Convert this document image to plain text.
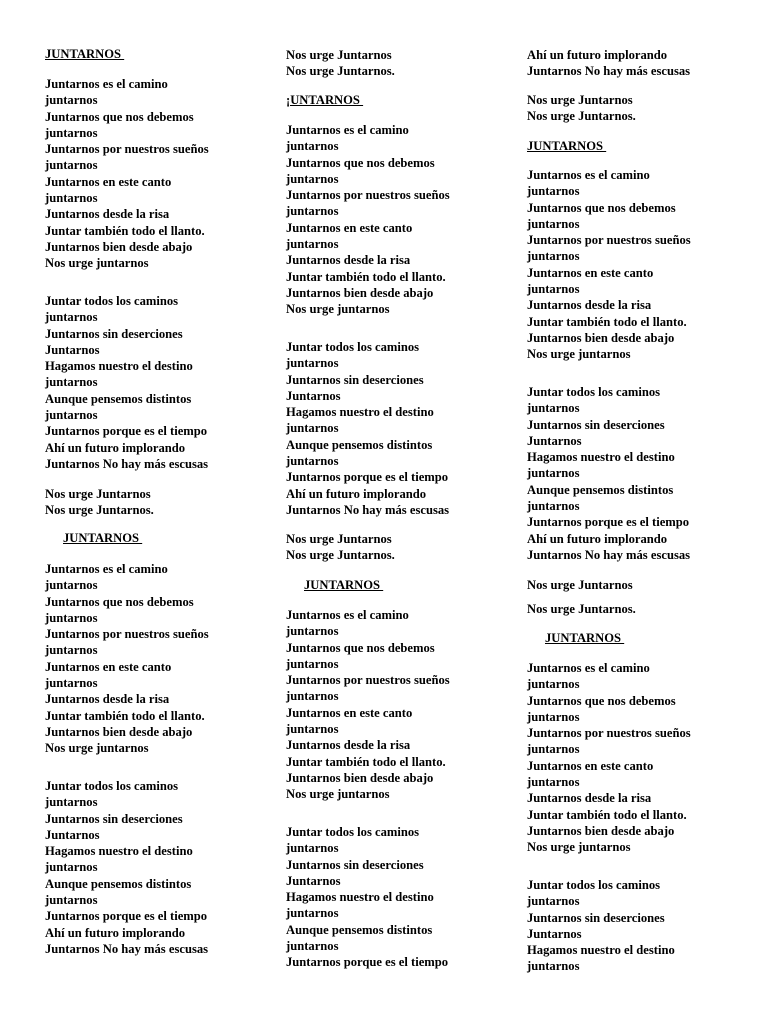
JUNTARNOS
Juntarnos es el camino
juntarnos
Juntarnos que nos debemos
juntarnos
Juntarnos por nuestros sueños
juntarnos
Juntarnos en este canto
juntarnos
Juntarnos desde la risa
Juntar también todo el llanto.
Juntarnos bien desde abajo
Nos urge juntarnos
Juntar todos los caminos
juntarnos
Juntarnos sin deserciones
Juntarnos
Hagamos nuestro el destino
juntarnos
Aunque pensemos distintos
juntarnos
Juntarnos porque es el tiempo
Ahí un futuro implorando
Juntarnos No hay más escusas
Nos urge Juntarnos
Nos urge Juntarnos.
JUNTARNOS
Juntarnos es el camino
juntarnos
Juntarnos que nos debemos
juntarnos
Juntarnos por nuestros sueños
juntarnos
Juntarnos en este canto
juntarnos
Juntarnos desde la risa
Juntar también todo el llanto.
Juntarnos bien desde abajo
Nos urge juntarnos
Juntar todos los caminos
juntarnos
Juntarnos sin deserciones
Juntarnos
Hagamos nuestro el destino
juntarnos
Aunque pensemos distintos
juntarnos
Juntarnos porque es el tiempo
Ahí un futuro implorando
Juntarnos No hay más escusas
Nos urge Juntarnos
Nos urge Juntarnos.
¡UNTARNOS
Juntarnos es el camino
juntarnos
Juntarnos que nos debemos
juntarnos
Juntarnos por nuestros sueños
juntarnos
Juntarnos en este canto
juntarnos
Juntarnos desde la risa
Juntar también todo el llanto.
Juntarnos bien desde abajo
Nos urge juntarnos
Juntar todos los caminos
juntarnos
Juntarnos sin deserciones
Juntarnos
Hagamos nuestro el destino
juntarnos
Aunque pensemos distintos
juntarnos
Juntarnos porque es el tiempo
Ahí un futuro implorando
Juntarnos No hay más escusas
Nos urge Juntarnos
Nos urge Juntarnos.
JUNTARNOS
Juntarnos es el camino
juntarnos
Juntarnos que nos debemos
juntarnos
Juntarnos por nuestros sueños
juntarnos
Juntarnos en este canto
juntarnos
Juntarnos desde la risa
Juntar también todo el llanto.
Juntarnos bien desde abajo
Nos urge juntarnos
Juntar todos los caminos
juntarnos
Juntarnos sin deserciones
Juntarnos
Hagamos nuestro el destino
juntarnos
Aunque pensemos distintos
juntarnos
Juntarnos porque es el tiempo
Ahí un futuro implorando
Juntarnos No hay más escusas
Nos urge Juntarnos
Nos urge Juntarnos.
JUNTARNOS
Juntarnos es el camino
juntarnos
Juntarnos que nos debemos
juntarnos
Juntarnos por nuestros sueños
juntarnos
Juntarnos en este canto
juntarnos
Juntarnos desde la risa
Juntar también todo el llanto.
Juntarnos bien desde abajo
Nos urge juntarnos
Juntar todos los caminos
juntarnos
Juntarnos sin deserciones
Juntarnos
Hagamos nuestro el destino
juntarnos
Aunque pensemos distintos
juntarnos
Juntarnos porque es el tiempo
Ahí un futuro implorando
Juntarnos No hay más escusas
Nos urge Juntarnos
Nos urge Juntarnos.
JUNTARNOS
Juntarnos es el camino
juntarnos
Juntarnos que nos debemos
juntarnos
Juntarnos por nuestros sueños
juntarnos
Juntarnos en este canto
juntarnos
Juntarnos desde la risa
Juntar también todo el llanto.
Juntarnos bien desde abajo
Nos urge juntarnos
Juntar todos los caminos
juntarnos
Juntarnos sin deserciones
Juntarnos
Hagamos nuestro el destino
juntarnos
